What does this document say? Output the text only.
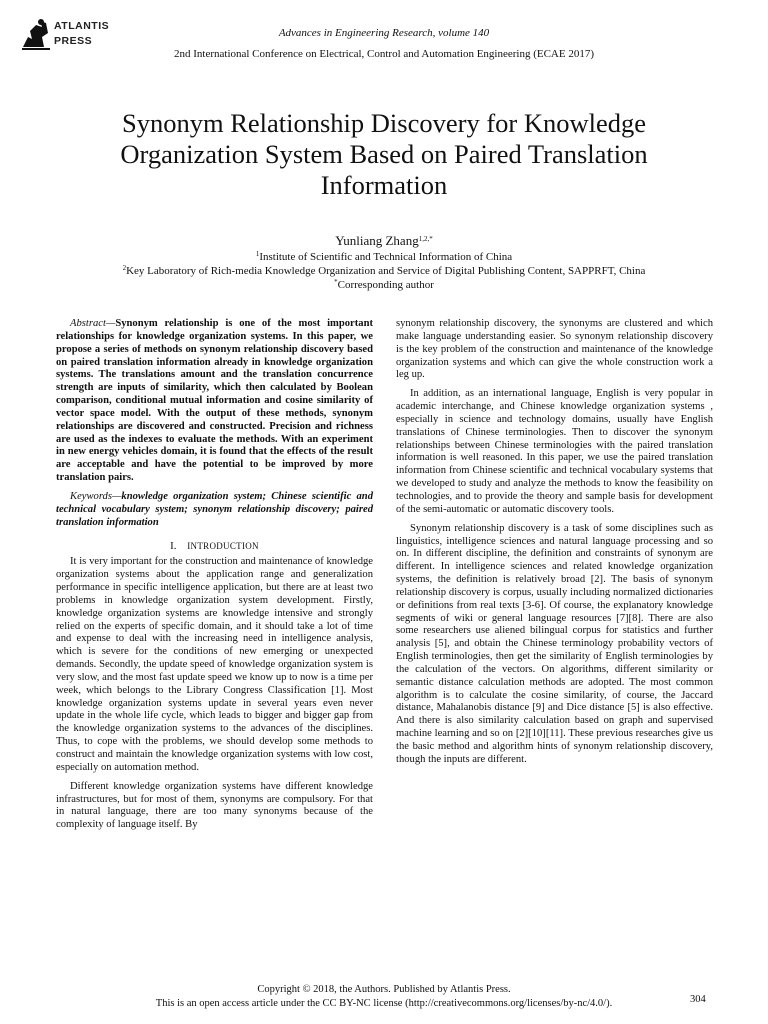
ATLANTIS
PRESS
Advances in Engineering Research, volume 140
2nd International Conference on Electrical, Control and Automation Engineering (ECAE 2017)
Synonym Relationship Discovery for Knowledge Organization System Based on Paired Translation Information
Yunliang Zhang$^{1,2,*}$
$^1$Institute of Scientific and Technical Information of China
$^2$Key Laboratory of Rich-media Knowledge Organization and Service of Digital Publishing Content, SAPPRFT, China
*Corresponding author

Abstract—Synonym relationship is one of the most important relationships for knowledge organization systems. In this paper, we propose a series of methods on synonym relationship discovery based on paired translation information already in knowledge organization systems. The translations amount and the translation concurrence strength are inputs of similarity, which then calculated by Boolean comparison, conditional mutual information and cosine similarity of vector space model. With the output of these methods, synonym relationships are discovered and constructed. Precision and richness are used as the indexes to evaluate the methods. With an experiment in new energy vehicles domain, it is found that the effects of the result are acceptable and have the potential to be improved by more translation pairs.

Keywords—knowledge organization system; Chinese scientific and technical vocabulary system; synonym relationship discovery; paired translation information

I. INTRODUCTION

It is very important for the construction and maintenance of knowledge organization systems about the application range and generalization performance in specific intelligence application, but there are at least two problems in knowledge organization system development. Firstly, knowledge organization systems are knowledge intensive and strongly relied on the experts of specific domain, and it should take a lot of time and expense to deal with the increasing need in intelligence analysis, which is severe for the conditions of new emerging or unexpected demands. Secondly, the update speed of knowledge organization system is very slow, and the most fast update speed we know up to now is a time per week, which belongs to the Library Congress Classification [1]. Most knowledge organization systems update in several years even never update in the whole life cycle, which leads to bigger and bigger gap from the knowledge organization systems to the advances of the disciplines. Thus, to cope with the problems, we should develop some methods to construct and maintain the knowledge organization systems with low cost, especially on automation method.

Different knowledge organization systems have different knowledge infrastructures, but for most of them, synonyms are compulsory. For that in natural language, there are too many synonyms because of the complexity of language itself. By

synonym relationship discovery, the synonyms are clustered and which make language understanding easier. So synonym relationship discovery is the key problem of the construction and maintenance of the knowledge organization systems and which can give the whole construction work a leg up.

In addition, as an international language, English is very popular in academic interchange, and Chinese knowledge organization systems , especially in science and technology domains, usually have English translations of Chinese terminologies. Then to discover the synonym relationships between Chinese terminologies with the paired translation information is well reasoned. In this paper, we use the paired translation information from Chinese scientific and technical vocabulary systems that we developed to study and analyze the methods to know the feasibility on technologies, and to provide the theory and sample basis for development of the semi-automatic or automatic discovery tools.

Synonym relationship discovery is a task of some disciplines such as linguistics, intelligence sciences and natural language processing and so on. In different discipline, the definition and constraints of synonym are different. In intelligence sciences and related knowledge organization systems, the definition is relatively broad [2]. The basis of synonym relationship discovery is corpus, usually including normalized dictionaries or definitions from real texts [3-6]. Of course, the explanatory knowledge segments of wiki or general language resources [7][8]. There are also some researchers use aliened bilingual corpus for statistics and further analysis [5], and obtain the Chinese terminology probability vectors of English terminologies, then get the similarity of English terminologies by the calculation of the vectors. On algorithms, different similarity or semantic distance calculation methods are adopted. The most common algorithm is to calculate the cosine similarity, of course, the Jaccard distance, Mahalanobis distance [9] and Dice distance [5] is also effective. And there is also similarity calculation based on graph and supervised machine learning and so on [2][10][11]. These previous researches give us the basic method and algorithm hints of synonym relationship discovery, though the inputs are different.

Copyright © 2018, the Authors. Published by Atlantis Press.
This is an open access article under the CC BY-NC license (http://creativecommons.org/licenses/by-nc/4.0/).	304
